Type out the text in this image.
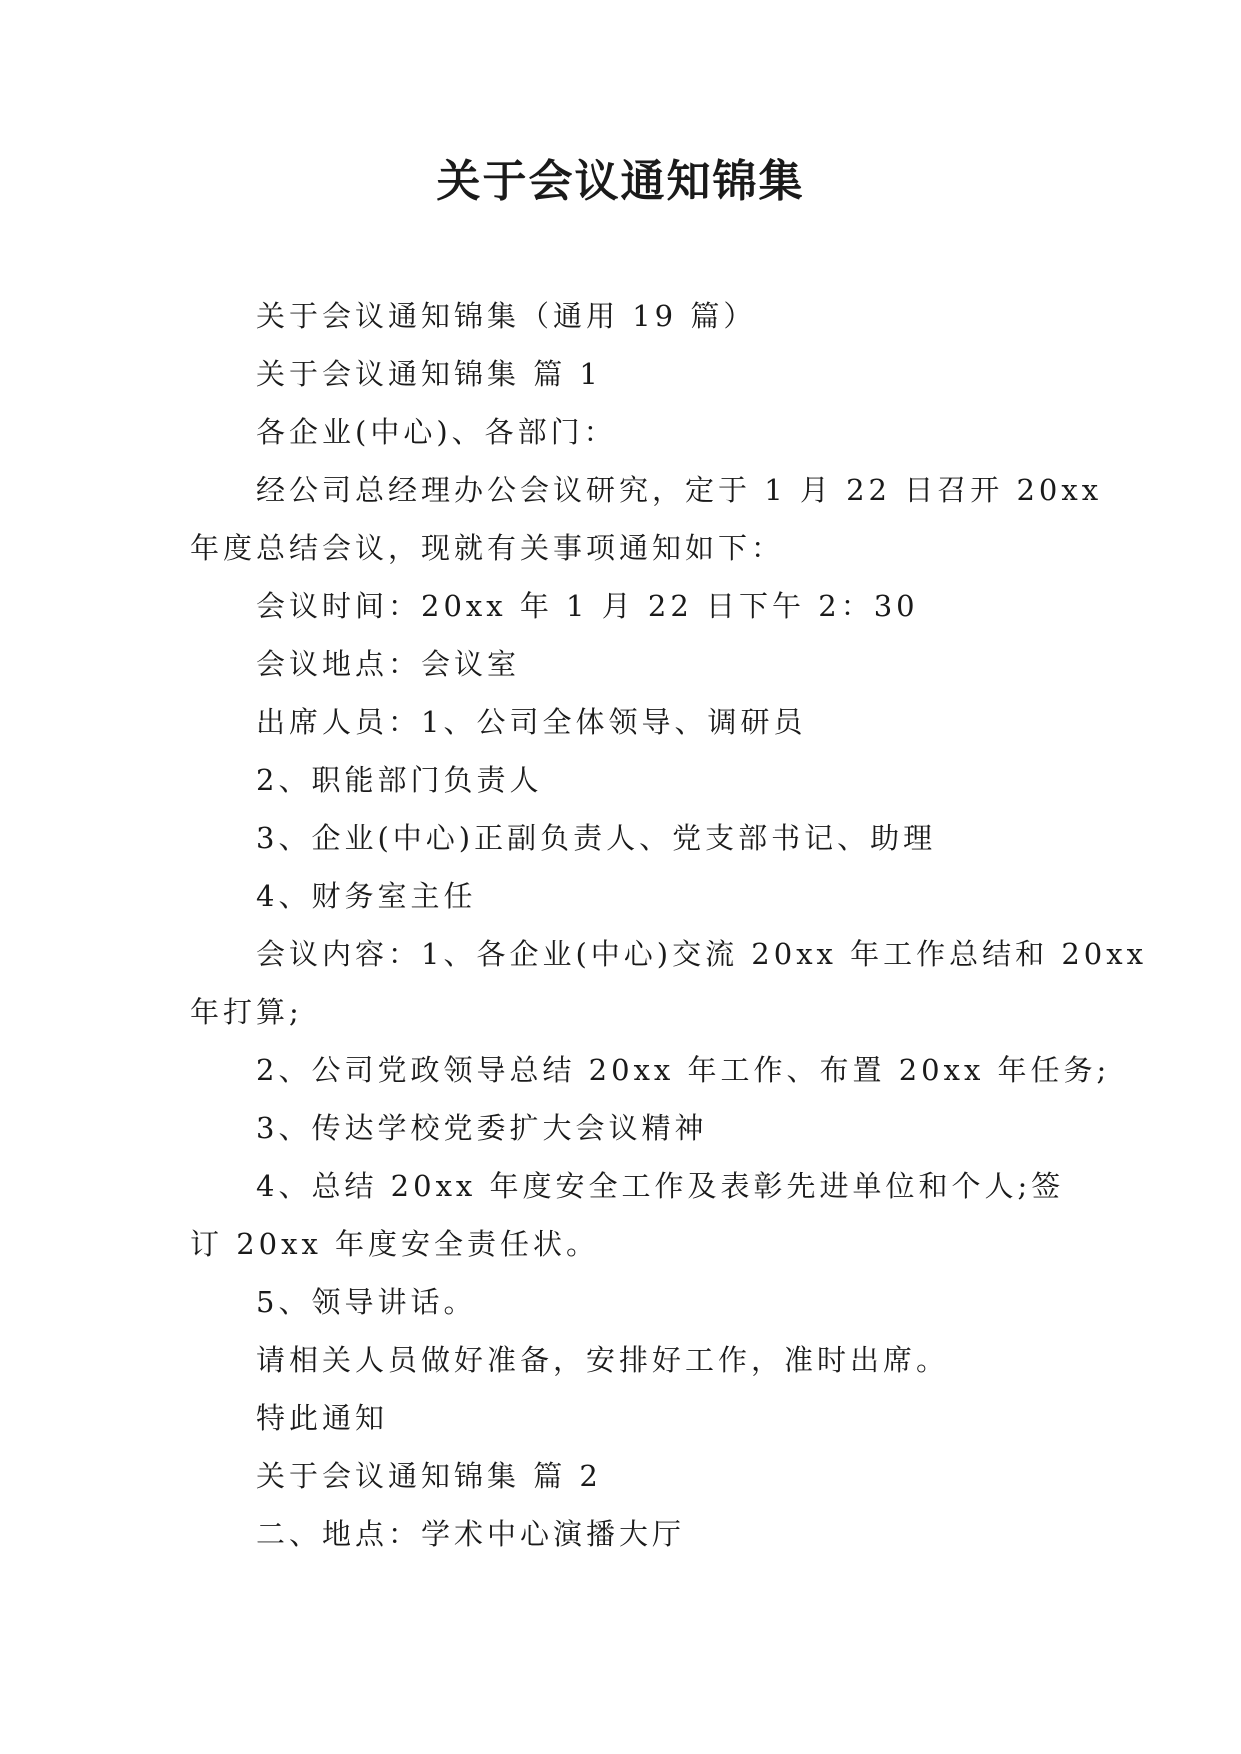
关于会议通知锦集
关于会议通知锦集（通用 19 篇）
关于会议通知锦集 篇 1
各企业(中心)、各部门：
经公司总经理办公会议研究，定于 1 月 22 日召开 20xx
年度总结会议，现就有关事项通知如下：
会议时间：20xx 年 1 月 22 日下午 2：30
会议地点：会议室
出席人员：1、公司全体领导、调研员
2、职能部门负责人
3、企业(中心)正副负责人、党支部书记、助理
4、财务室主任
会议内容：1、各企业(中心)交流 20xx 年工作总结和 20xx
年打算;
2、公司党政领导总结 20xx 年工作、布置 20xx 年任务;
3、传达学校党委扩大会议精神
4、总结 20xx 年度安全工作及表彰先进单位和个人;签
订 20xx 年度安全责任状。
5、领导讲话。
请相关人员做好准备，安排好工作，准时出席。
特此通知
关于会议通知锦集 篇 2
二、地点：学术中心演播大厅
